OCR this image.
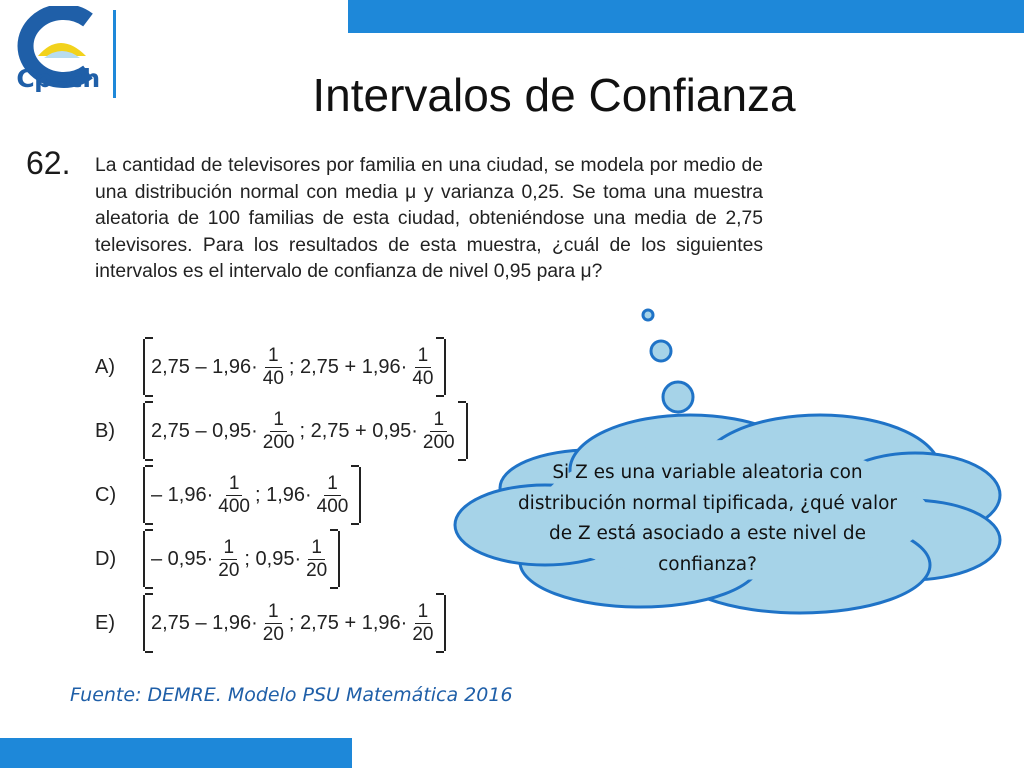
Cpech	Intervalos de Confianza
62. La cantidad de televisores por familia en una ciudad, se modela por medio de una distribución normal con media μ y varianza 0,25. Se toma una muestra aleatoria de 100 familias de esta ciudad, obteniéndose una media de 2,75 televisores. Para los resultados de esta muestra, ¿cuál de los siguientes intervalos es el intervalo de confianza de nivel 0,95 para μ?
A)	$2,75 - 1,96\cdot \frac{1}{40}$ ; $2,75 + 1,96\cdot \frac{1}{40}$
B)	$2,75 - 0,95\cdot \frac{1}{200}$ ; $2,75 + 0,95\cdot \frac{1}{200}$
C)	– $1,96\cdot \frac{1}{400}$ ; $1,96\cdot \frac{1}{400}$
D)	– $0,95\cdot \frac{1}{20}$ ; $0,95\cdot \frac{1}{20}$
E)	$2,75 - 1,96\cdot \frac{1}{20}$ ; $2,75 + 1,96\cdot \frac{1}{20}$
Si Z es una variable aleatoria con distribución normal tipificada, ¿qué valor de Z está asociado a este nivel de confianza?
Fuente: DEMRE. Modelo PSU Matemática 2016
